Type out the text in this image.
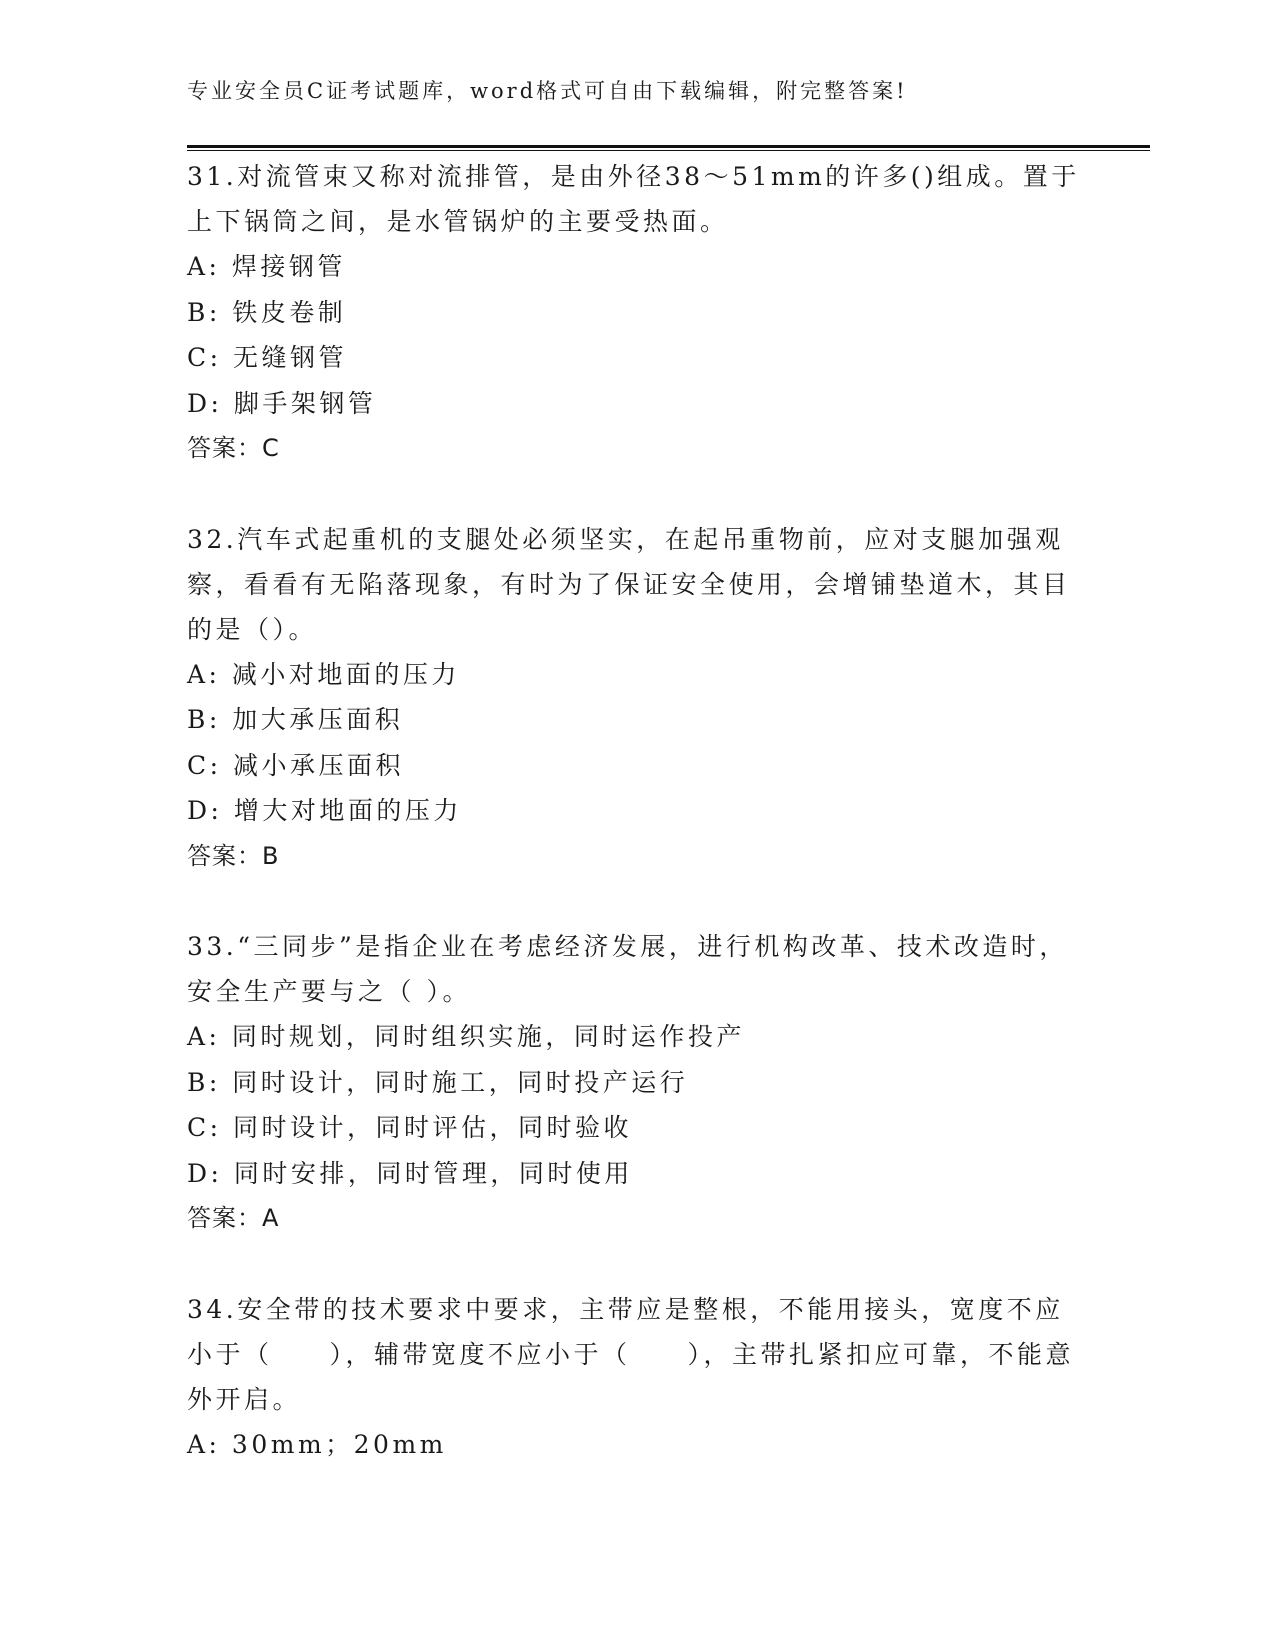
专业安全员C证考试题库，word格式可自由下载编辑，附完整答案!

31.对流管束又称对流排管，是由外径38～51mm的许多()组成。置于上下锅筒之间，是水管锅炉的主要受热面。

A: 焊接钢管
B: 铁皮卷制
C: 无缝钢管
D: 脚手架钢管
答案：C

32.汽车式起重机的支腿处必须坚实，在起吊重物前，应对支腿加强观察，看看有无陷落现象，有时为了保证安全使用，会增铺垫道木，其目的是（）。

A: 减小对地面的压力
B: 加大承压面积
C: 减小承压面积
D: 增大对地面的压力
答案：B

33.“三同步”是指企业在考虑经济发展，进行机构改革、技术改造时，安全生产要与之（ ）。

A: 同时规划，同时组织实施，同时运作投产
B: 同时设计，同时施工，同时投产运行
C: 同时设计，同时评估，同时验收
D: 同时安排，同时管理，同时使用
答案：A

34.安全带的技术要求中要求，主带应是整根，不能用接头，宽度不应小于（　　），辅带宽度不应小于（　　），主带扎紧扣应可靠，不能意外开启。

A: 30mm；20mm
